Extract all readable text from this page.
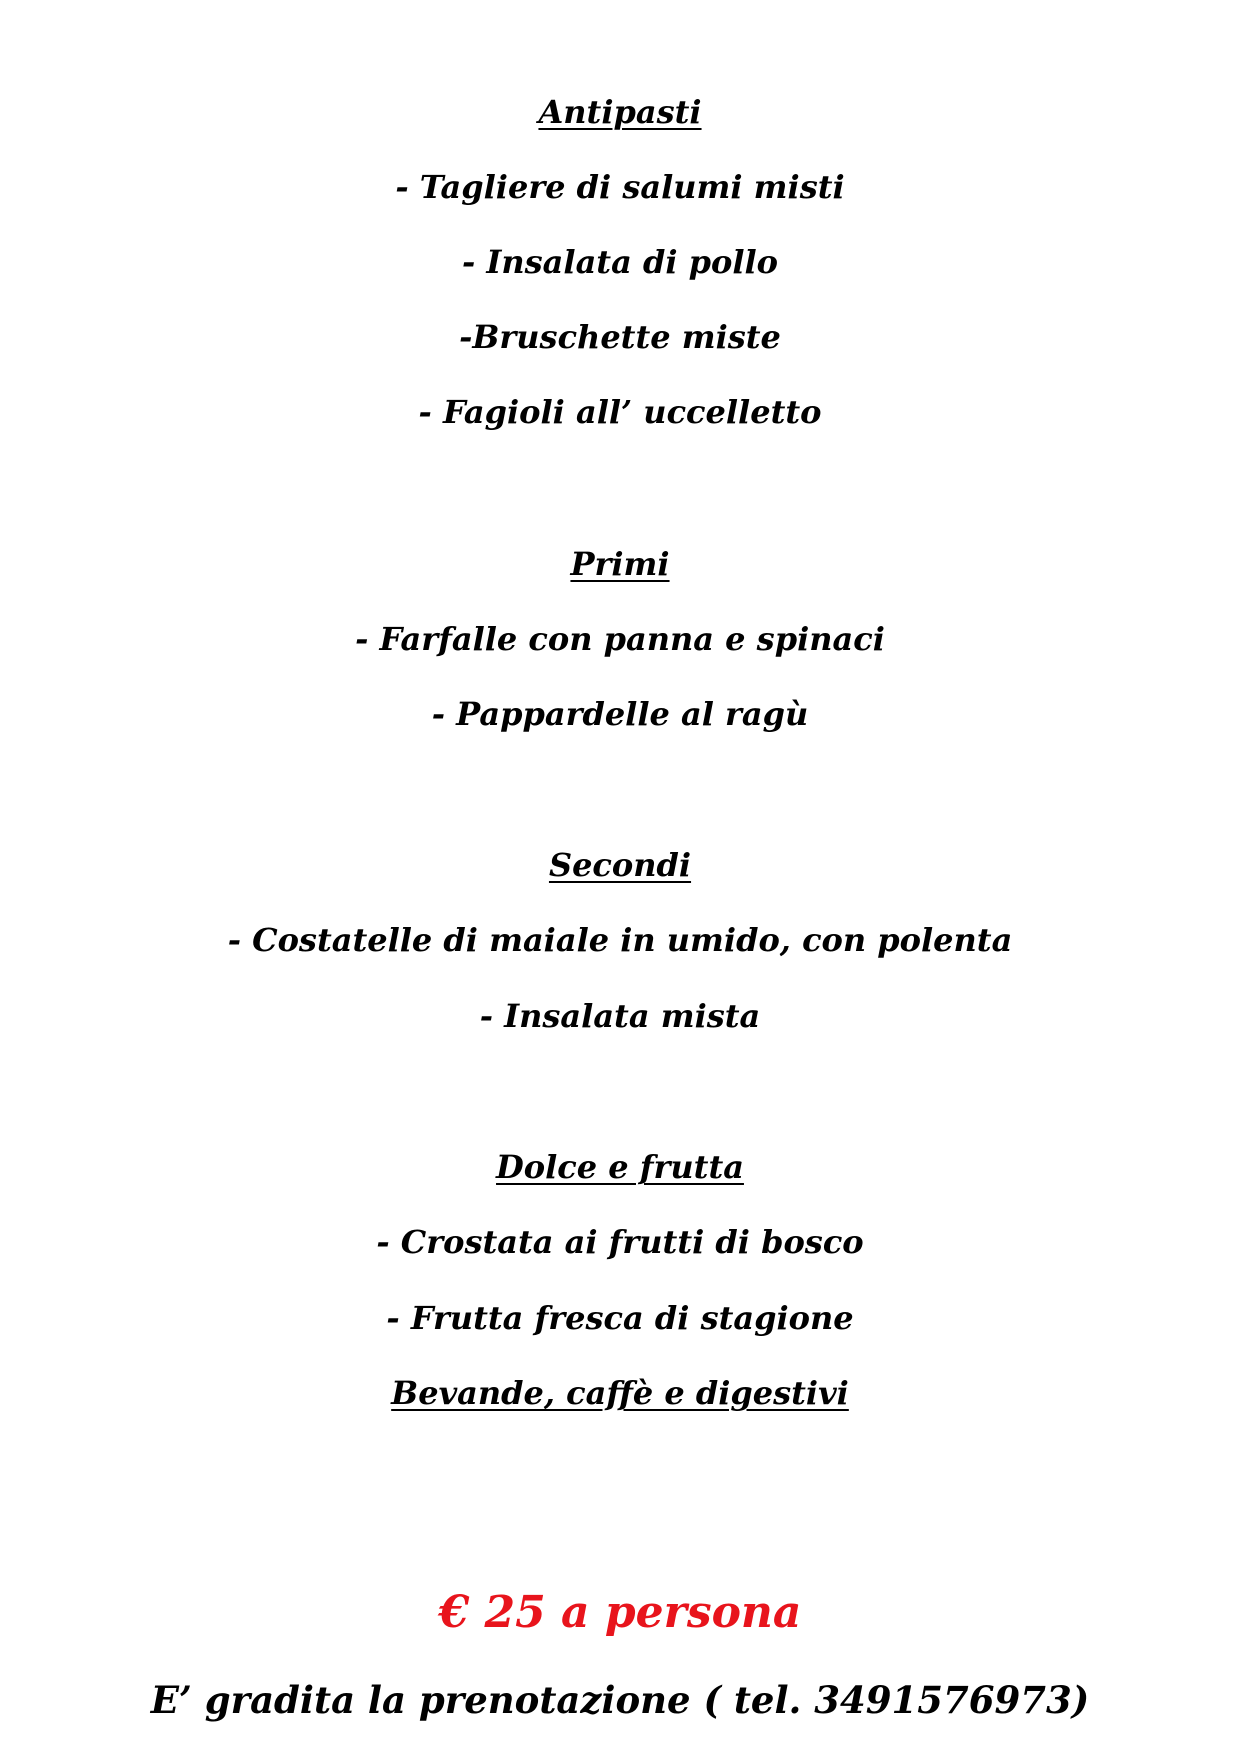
Antipasti
- Tagliere di salumi misti
- Insalata di pollo
-Bruschette miste
- Fagioli all’ uccelletto
Primi
- Farfalle con panna e spinaci
- Pappardelle al ragù
Secondi
- Costatelle di maiale in umido, con polenta
- Insalata mista
Dolce e frutta
- Crostata ai frutti di bosco
- Frutta fresca di stagione
Bevande, caffè e digestivi
€ 25 a persona
E’ gradita la prenotazione ( tel. 3491576973)
